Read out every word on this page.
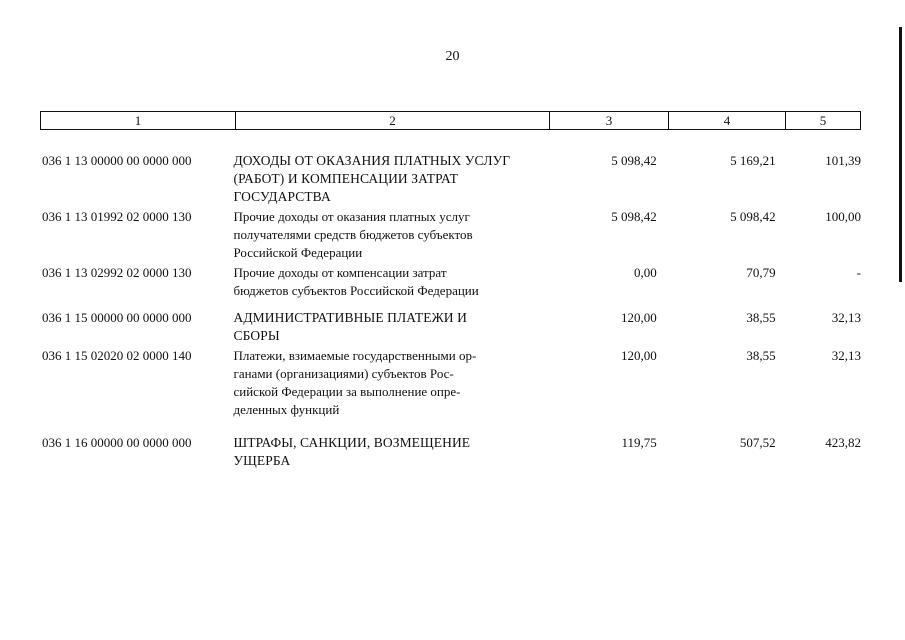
20
1	2	3	4	5
036 1 13 00000 00 0000 000	ДОХОДЫ ОТ ОКАЗАНИЯ ПЛАТНЫХ УСЛУГ
(РАБОТ) И КОМПЕНСАЦИИ ЗАТРАТ
ГОСУДАРСТВА
5 098,42	5 169,21	101,39
036 1 13 01992 02 0000 130	Прочие доходы от оказания платных услуг
получателями средств бюджетов субъектов
Российской Федерации
5 098,42	5 098,42	100,00
036 1 13 02992 02 0000 130	Прочие доходы от компенсации затрат
бюджетов субъектов Российской Федерации
0,00	70,79	-
036 1 15 00000 00 0000 000	АДМИНИСТРАТИВНЫЕ ПЛАТЕЖИ И
СБОРЫ
120,00	38,55	32,13
036 1 15 02020 02 0000 140	Платежи, взимаемые государственными ор-
ганами (организациями) субъектов Рос-
сийской Федерации за выполнение опре-
деленных функций
120,00	38,55	32,13
036 1 16 00000 00 0000 000	ШТРАФЫ, САНКЦИИ, ВОЗМЕЩЕНИЕ
УЩЕРБА
119,75	507,52	423,82
